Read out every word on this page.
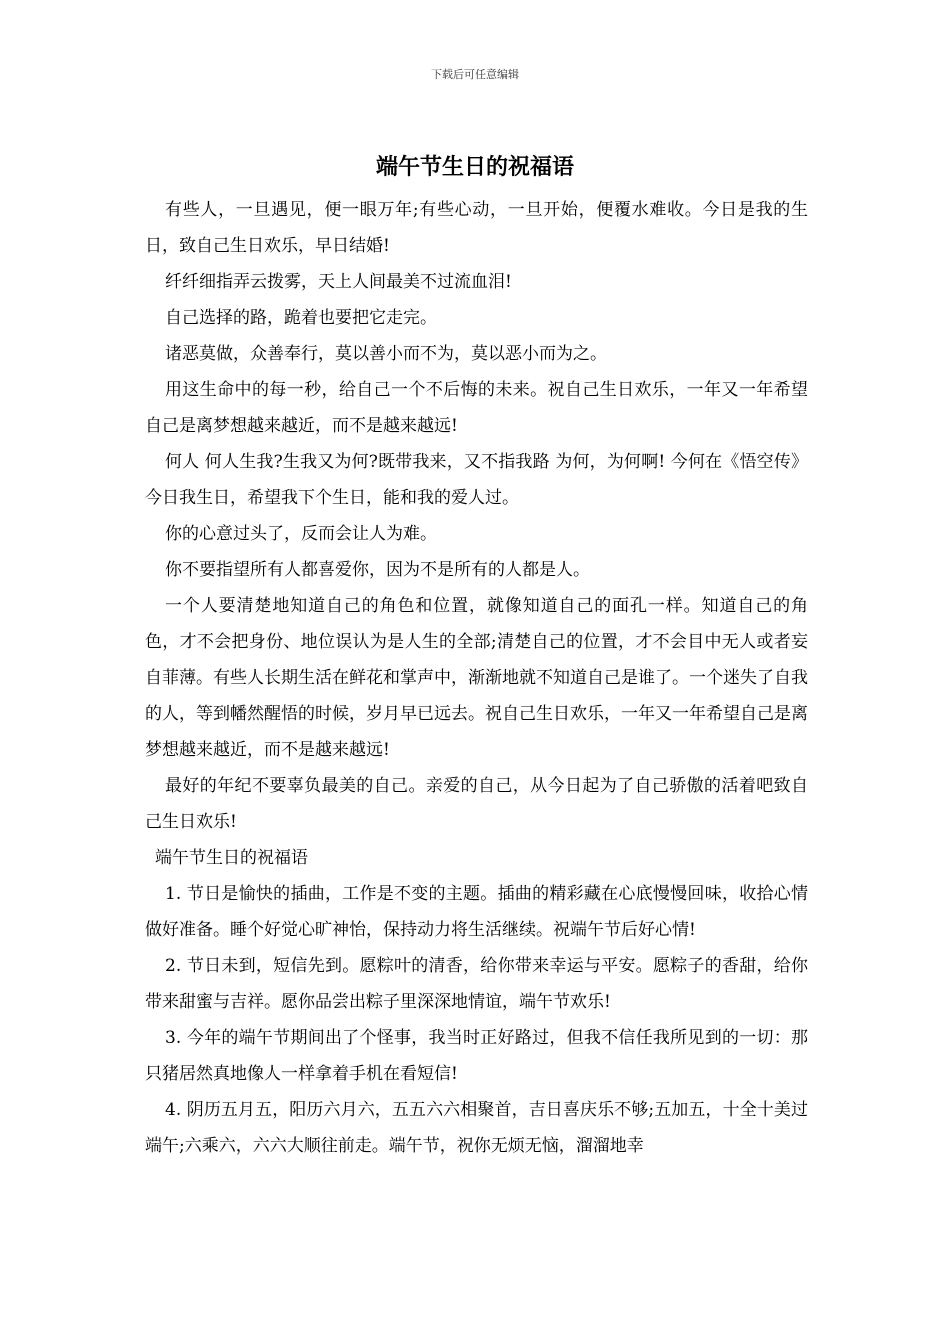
下载后可任意编辑
端午节生日的祝福语

有些人，一旦遇见，便一眼万年;有些心动，一旦开始，便覆水难收。今日是我的生日，致自己生日欢乐，早日结婚!

纤纤细指弄云拨雾，天上人间最美不过流血泪!

自己选择的路，跪着也要把它走完。

诸恶莫做，众善奉行，莫以善小而不为，莫以恶小而为之。

用这生命中的每一秒，给自己一个不后悔的未来。祝自己生日欢乐，一年又一年希望自己是离梦想越来越近，而不是越来越远!

何人 何人生我?生我又为何?既带我来，又不指我路 为何，为何啊! 今何在《悟空传》今日我生日，希望我下个生日，能和我的爱人过。

你的心意过头了，反而会让人为难。

你不要指望所有人都喜爱你，因为不是所有的人都是人。

一个人要清楚地知道自己的角色和位置，就像知道自己的面孔一样。知道自己的角色，才不会把身份、地位误认为是人生的全部;清楚自己的位置，才不会目中无人或者妄自菲薄。有些人长期生活在鲜花和掌声中，渐渐地就不知道自己是谁了。一个迷失了自我的人，等到幡然醒悟的时候，岁月早已远去。祝自己生日欢乐，一年又一年希望自己是离梦想越来越近，而不是越来越远!

最好的年纪不要辜负最美的自己。亲爱的自己，从今日起为了自己骄傲的活着吧致自己生日欢乐!

端午节生日的祝福语

1. 节日是愉快的插曲，工作是不变的主题。插曲的精彩藏在心底慢慢回味，收拾心情做好准备。睡个好觉心旷神怡，保持动力将生活继续。祝端午节后好心情!

2. 节日未到，短信先到。愿粽叶的清香，给你带来幸运与平安。愿粽子的香甜，给你带来甜蜜与吉祥。愿你品尝出粽子里深深地情谊，端午节欢乐!

3. 今年的端午节期间出了个怪事，我当时正好路过，但我不信任我所见到的一切：那只猪居然真地像人一样拿着手机在看短信!

4. 阴历五月五，阳历六月六，五五六六相聚首，吉日喜庆乐不够;五加五，十全十美过端午;六乘六，六六大顺往前走。端午节，祝你无烦无恼，溜溜地幸
